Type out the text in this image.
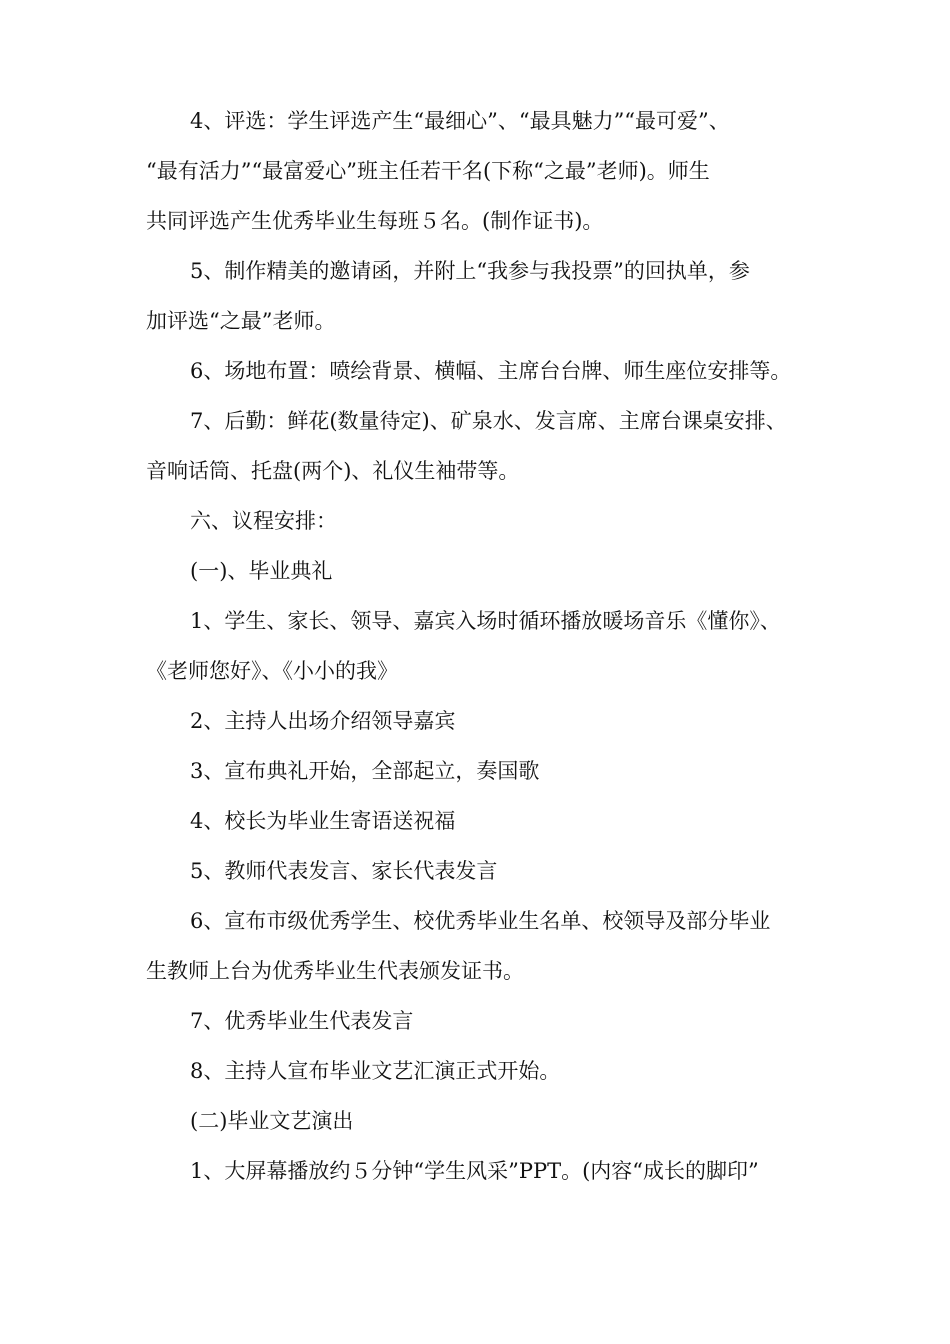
4、评选：学生评选产生“最细心”、“最具魅力”“最可爱”、
“最有活力”“最富爱心”班主任若干名(下称“之最”老师)。师生
共同评选产生优秀毕业生每班５名。(制作证书)。
5、制作精美的邀请函，并附上“我参与我投票”的回执单，参
加评选“之最”老师。
6、场地布置：喷绘背景、横幅、主席台台牌、师生座位安排等。
7、后勤：鲜花(数量待定)、矿泉水、发言席、主席台课桌安排、
音响话筒、托盘(两个)、礼仪生袖带等。
六、议程安排：
(一)、毕业典礼
1、学生、家长、领导、嘉宾入场时循环播放暖场音乐《懂你》、
《老师您好》、《小小的我》
2、主持人出场介绍领导嘉宾
3、宣布典礼开始，全部起立，奏国歌
4、校长为毕业生寄语送祝福
5、教师代表发言、家长代表发言
6、宣布市级优秀学生、校优秀毕业生名单、校领导及部分毕业
生教师上台为优秀毕业生代表颁发证书。
7、优秀毕业生代表发言
8、主持人宣布毕业文艺汇演正式开始。
(二)毕业文艺演出
1、大屏幕播放约５分钟“学生风采”PPT。(内容“成长的脚印”
